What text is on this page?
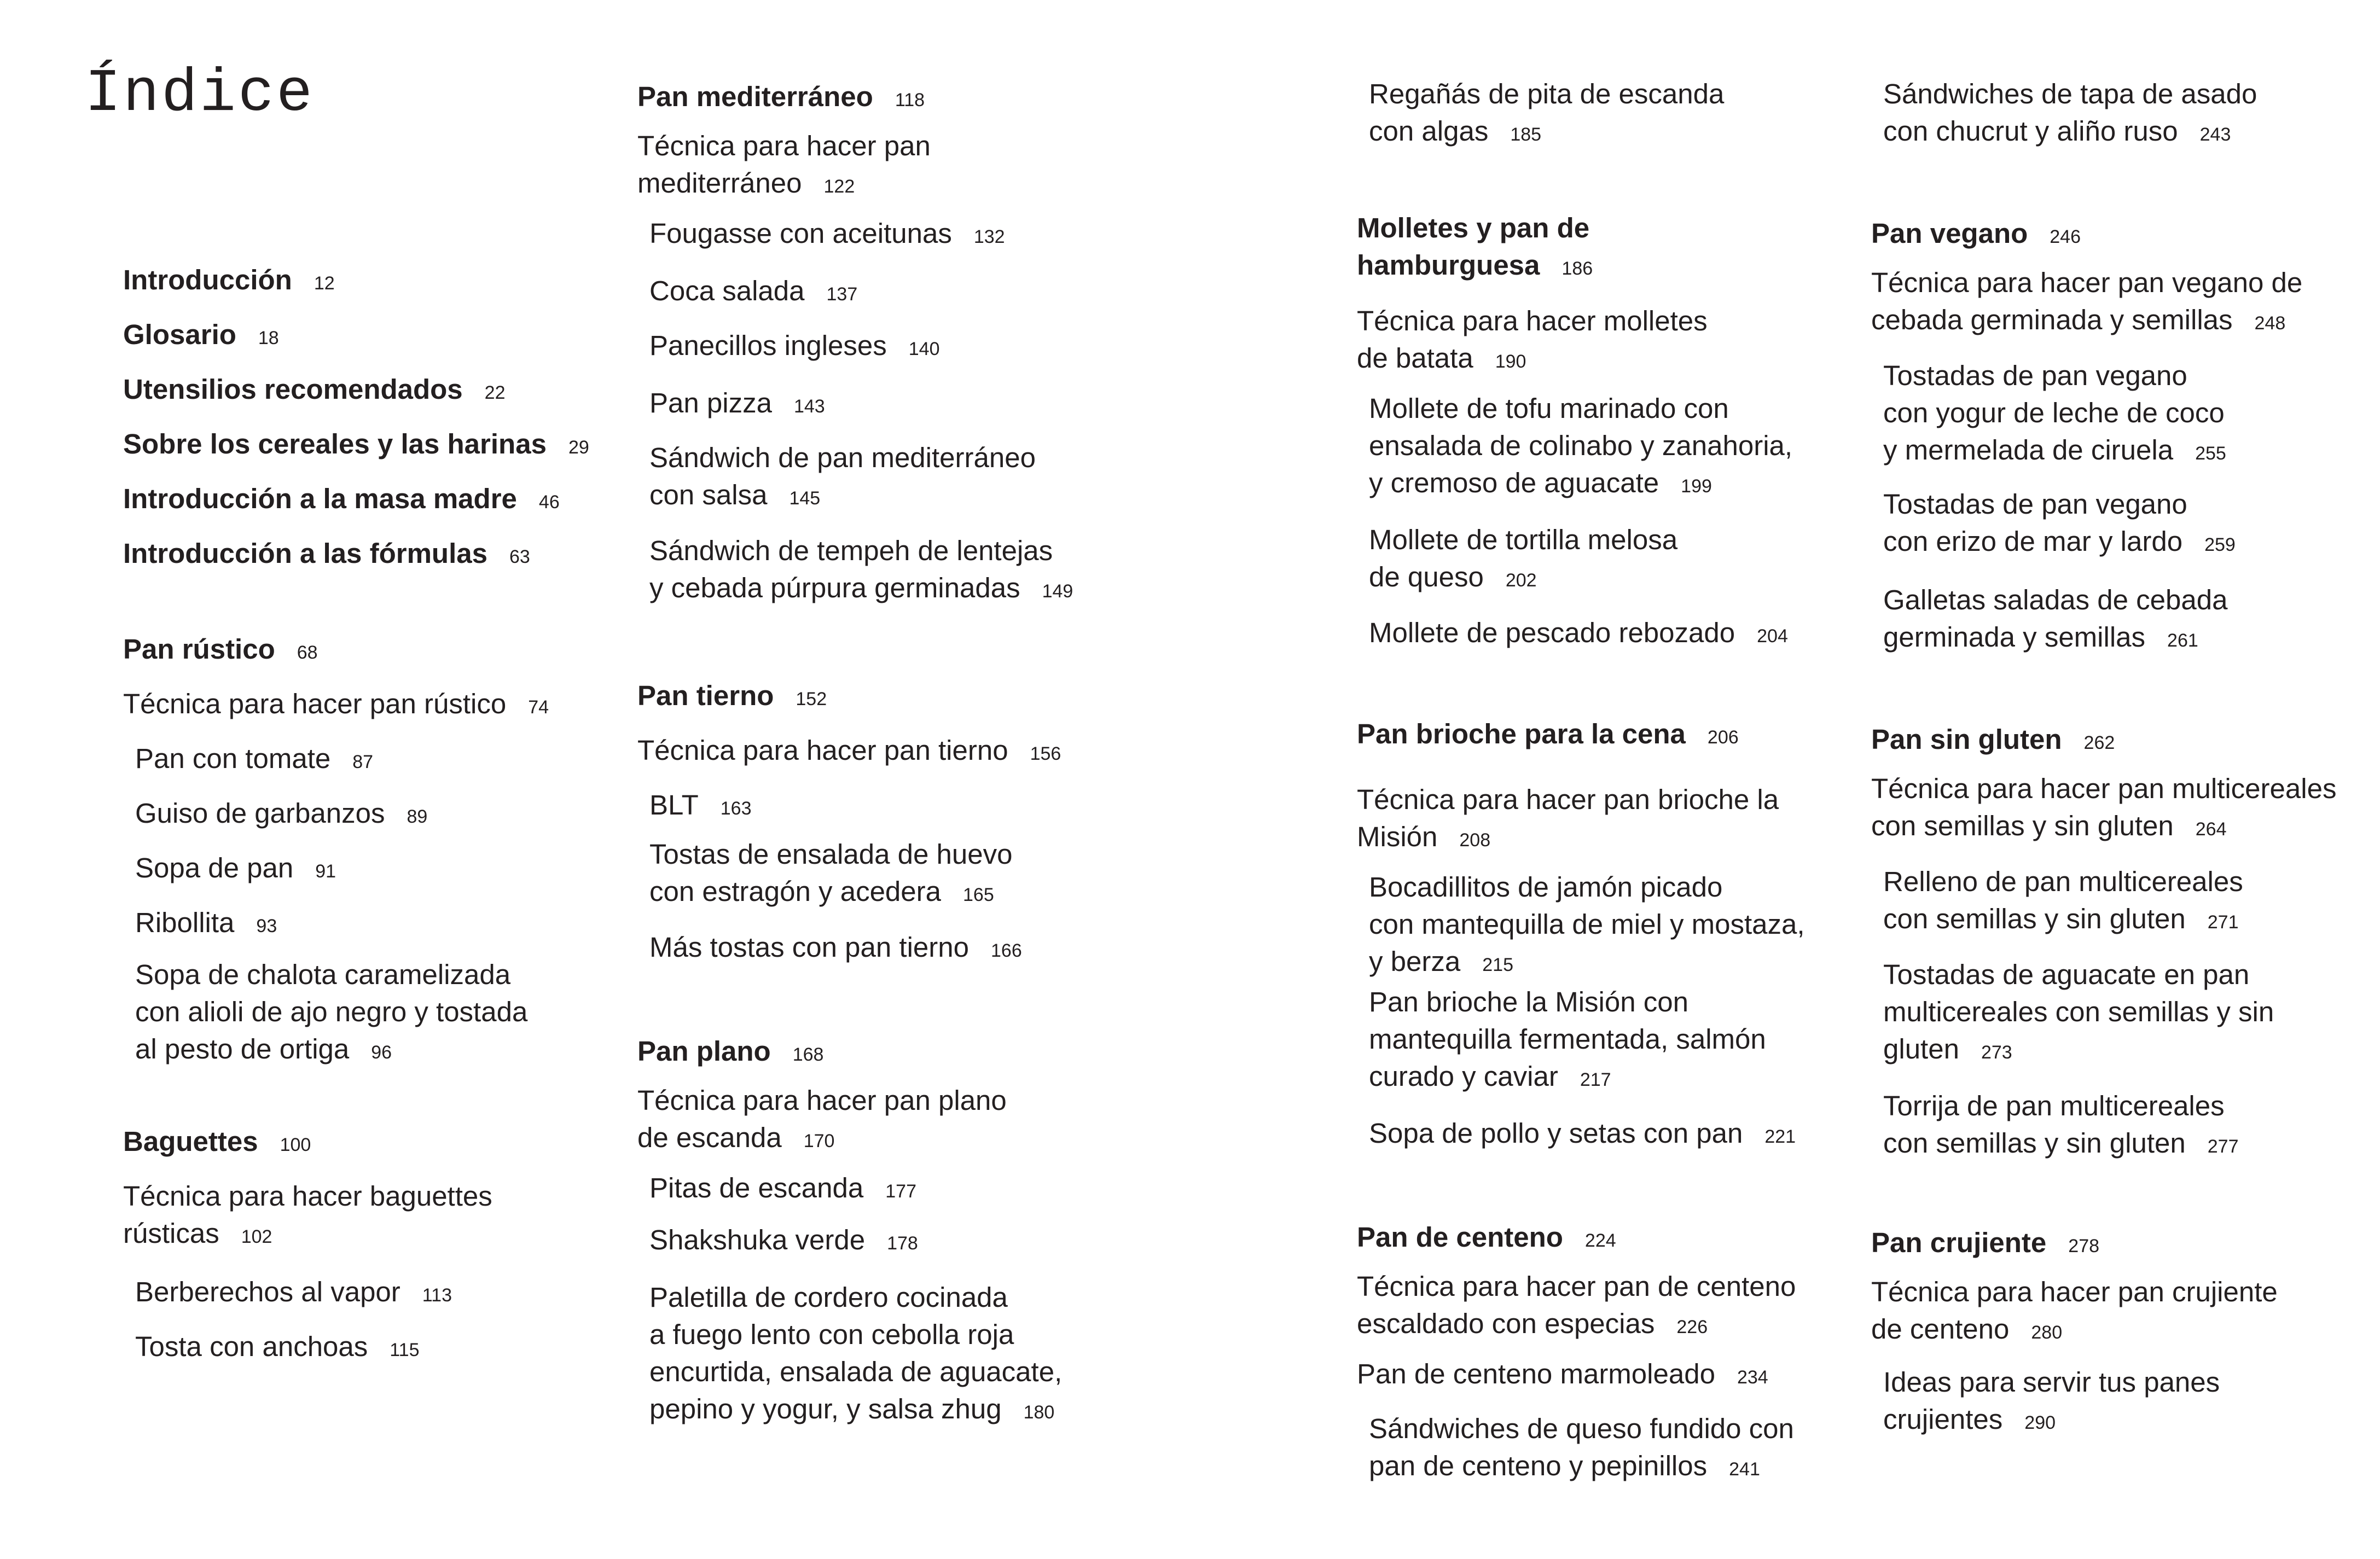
Índice
Introducción 12
Glosario 18
Utensilios recomendados 22
Sobre los cereales y las harinas 29
Introducción a la masa madre 46
Introducción a las fórmulas 63
Pan rústico 68
Técnica para hacer pan rústico 74
Pan con tomate 87
Guiso de garbanzos 89
Sopa de pan 91
Ribollita 93
Sopa de chalota caramelizada
con alioli de ajo negro y tostada
al pesto de ortiga 96
Baguettes 100
Técnica para hacer baguettes
rústicas 102
Berberechos al vapor 113
Tosta con anchoas 115
Pan mediterráneo 118
Técnica para hacer pan
mediterráneo 122
Fougasse con aceitunas 132
Coca salada 137
Panecillos ingleses 140
Pan pizza 143
Sándwich de pan mediterráneo
con salsa 145
Sándwich de tempeh de lentejas
y cebada púrpura germinadas 149
Pan tierno 152
Técnica para hacer pan tierno 156
BLT 163
Tostas de ensalada de huevo
con estragón y acedera 165
Más tostas con pan tierno 166
Pan plano 168
Técnica para hacer pan plano
de escanda 170
Pitas de escanda 177
Shakshuka verde 178
Paletilla de cordero cocinada
a fuego lento con cebolla roja
encurtida, ensalada de aguacate,
pepino y yogur, y salsa zhug 180
Regañás de pita de escanda
con algas 185
Molletes y pan de
hamburguesa 186
Técnica para hacer molletes
de batata 190
Mollete de tofu marinado con
ensalada de colinabo y zanahoria,
y cremoso de aguacate 199
Mollete de tortilla melosa
de queso 202
Mollete de pescado rebozado 204
Pan brioche para la cena 206
Técnica para hacer pan brioche la
Misión 208
Bocadillitos de jamón picado
con mantequilla de miel y mostaza,
y berza 215
Pan brioche la Misión con
mantequilla fermentada, salmón
curado y caviar 217
Sopa de pollo y setas con pan 221
Pan de centeno 224
Técnica para hacer pan de centeno
escaldado con especias 226
Pan de centeno marmoleado 234
Sándwiches de queso fundido con
pan de centeno y pepinillos 241
Sándwiches de tapa de asado
con chucrut y aliño ruso 243
Pan vegano 246
Técnica para hacer pan vegano de
cebada germinada y semillas 248
Tostadas de pan vegano
con yogur de leche de coco
y mermelada de ciruela 255
Tostadas de pan vegano
con erizo de mar y lardo 259
Galletas saladas de cebada
germinada y semillas 261
Pan sin gluten 262
Técnica para hacer pan multicereales
con semillas y sin gluten 264
Relleno de pan multicereales
con semillas y sin gluten 271
Tostadas de aguacate en pan
multicereales con semillas y sin
gluten 273
Torrija de pan multicereales
con semillas y sin gluten 277
Pan crujiente 278
Técnica para hacer pan crujiente
de centeno 280
Ideas para servir tus panes
crujientes 290
